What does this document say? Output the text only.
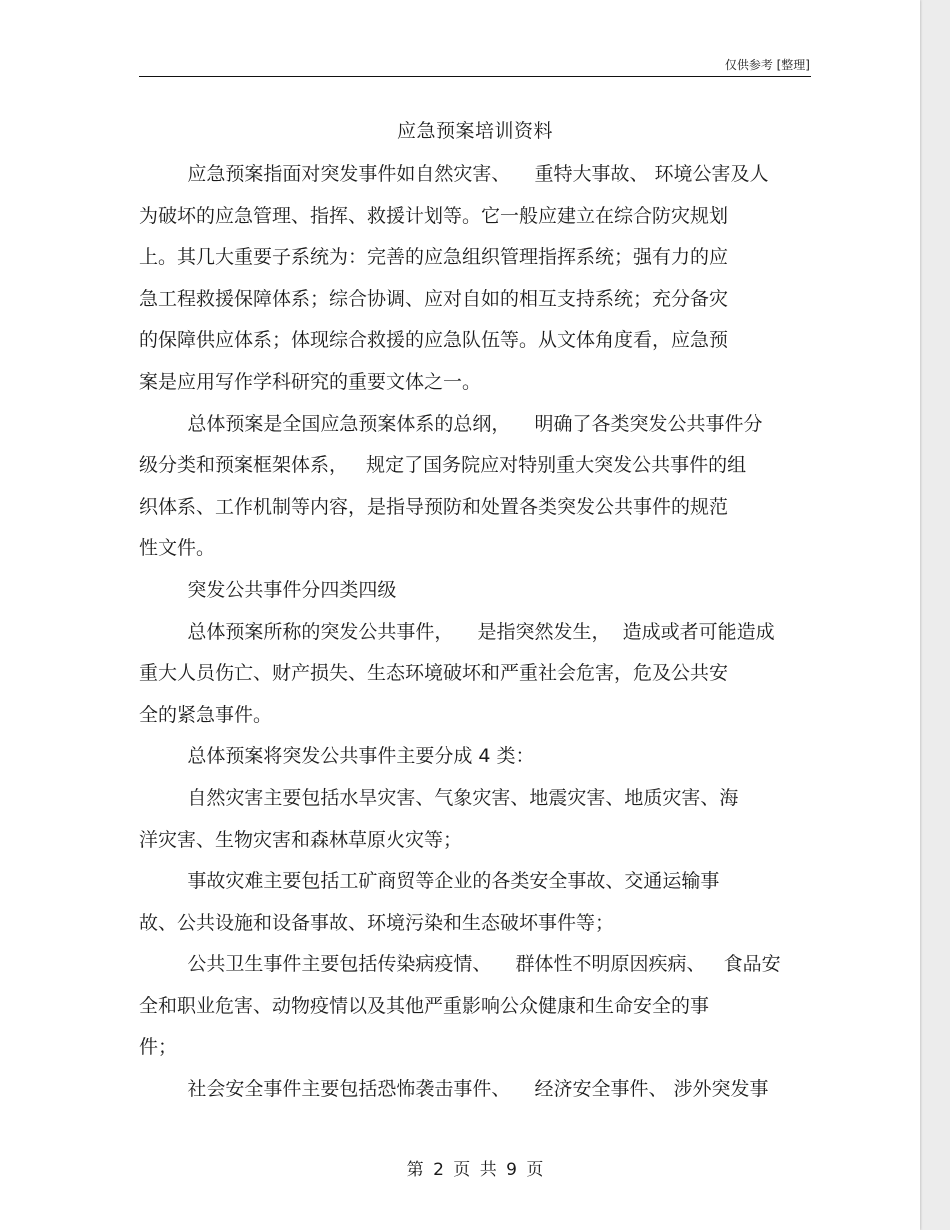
仅供参考 [整理]
应急预案培训资料

应急预案指面对突发事件如自然灾害、    重特大事故、 环境公害及人
为破坏的应急管理、指挥、救援计划等。它一般应建立在综合防灾规划
上。其几大重要子系统为：完善的应急组织管理指挥系统；强有力的应
急工程救援保障体系；综合协调、应对自如的相互支持系统；充分备灾
的保障供应体系；体现综合救援的应急队伍等。从文体角度看，应急预
案是应用写作学科研究的重要文体之一。

总体预案是全国应急预案体系的总纲，    明确了各类突发公共事件分
级分类和预案框架体系，   规定了国务院应对特别重大突发公共事件的组
织体系、工作机制等内容，是指导预防和处置各类突发公共事件的规范
性文件。

突发公共事件分四类四级

总体预案所称的突发公共事件，    是指突然发生，  造成或者可能造成
重大人员伤亡、财产损失、生态环境破坏和严重社会危害，危及公共安
全的紧急事件。

总体预案将突发公共事件主要分成 4 类：

自然灾害主要包括水旱灾害、气象灾害、地震灾害、地质灾害、海
洋灾害、生物灾害和森林草原火灾等；

事故灾难主要包括工矿商贸等企业的各类安全事故、交通运输事
故、公共设施和设备事故、环境污染和生态破坏事件等；

公共卫生事件主要包括传染病疫情、    群体性不明原因疾病、   食品安
全和职业危害、动物疫情以及其他严重影响公众健康和生命安全的事
件；

社会安全事件主要包括恐怖袭击事件、    经济安全事件、 涉外突发事

第 2 页 共 9 页
